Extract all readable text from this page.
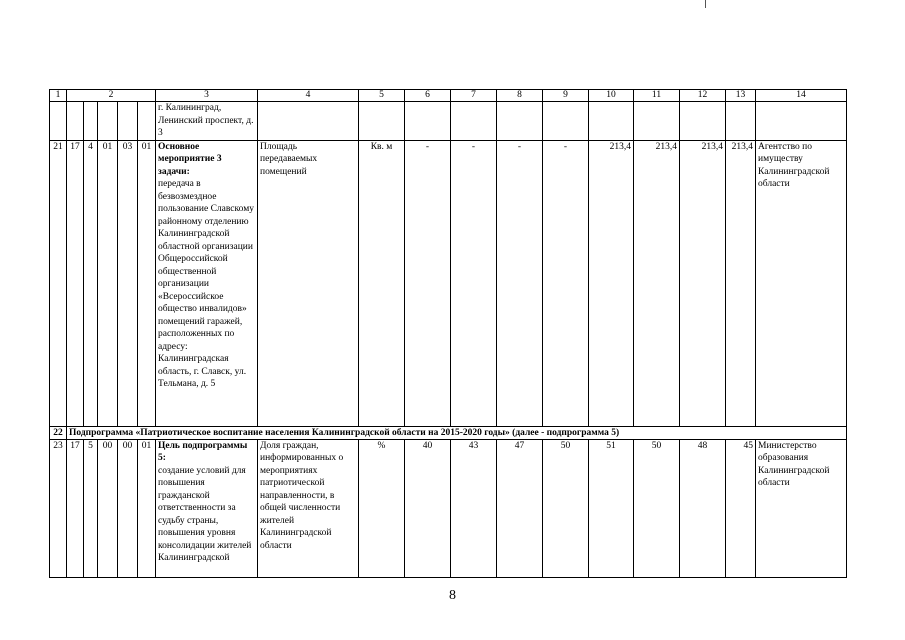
1	2					3	4	5	6	7	8	9	10	11	12	13	14
						г. Калининград, Ленинский проспект, д. 3											
21	17	4	01	03	01	Основное мероприятие 3 задачи:
передача в безвозмездное пользование Славскому районному отделению Калининградской областной организации Общероссийской общественной организации «Всероссийское общество инвалидов» помещений гаражей, расположенных по адресу: Калининградская область, г. Славск, ул. Тельмана, д. 5	Площадь передаваемых помещений	Кв. м	-	-	-	-	213,4	213,4	213,4	213,4	Агентство по имуществу Калининградской области
22	Подпрограмма «Патриотическое воспитание населения Калининградской области на 2015-2020 годы» (далее - подпрограмма 5)																
23	17	5	00	00	01	Цель подпрограммы 5:
создание условий для повышения гражданской ответственности за судьбу страны, повышения уровня консолидации жителей Калининградской	Доля граждан, информированных о мероприятиях патриотической направленности, в общей численности жителей Калининградской области	%	40	43	47	50	51	50	48	45	Министерство образования Калининградской области
8
